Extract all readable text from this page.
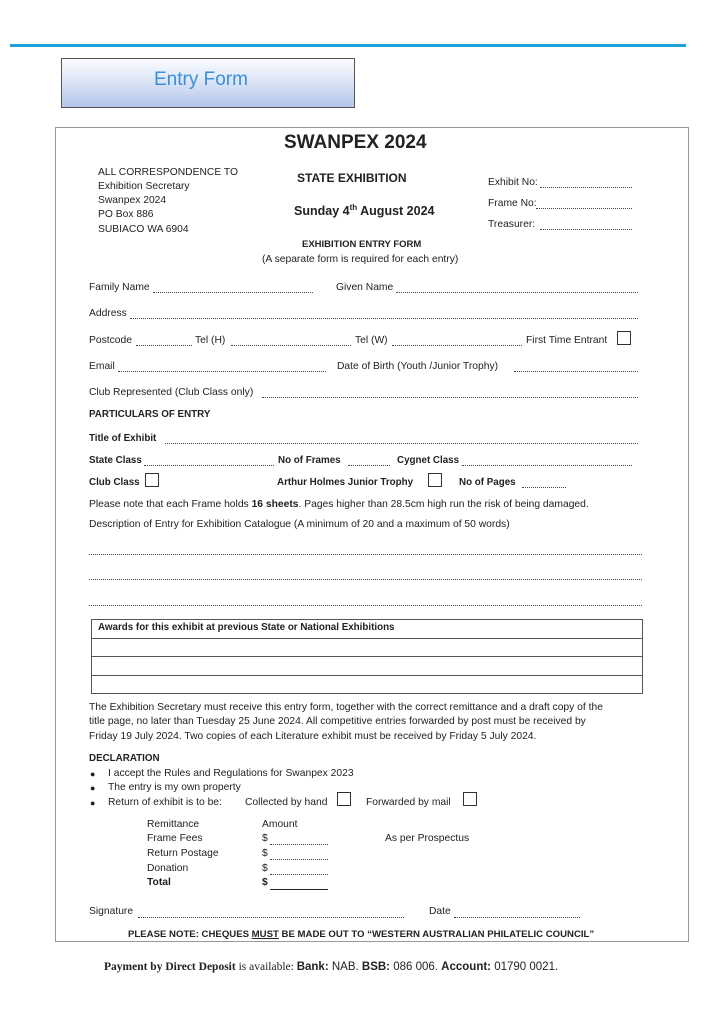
Entry Form
SWANPEX 2024
ALL CORRESPONDENCE TO
Exhibition Secretary
Swanpex 2024
PO Box 886
SUBIACO WA 6904
STATE EXHIBITION
Sunday 4th August 2024
Exhibit No:
Frame No:
Treasurer:
EXHIBITION ENTRY FORM
(A separate form is required for each entry)
Family Name	Given Name
Address
Postcode	Tel (H)	Tel (W)	First Time Entrant
Email	Date of Birth (Youth /Junior Trophy)
Club Represented (Club Class only)
PARTICULARS OF ENTRY
Title of Exhibit
State Class	No of Frames	Cygnet Class
Club Class	Arthur Holmes Junior Trophy	No of Pages
Please note that each Frame holds 16 sheets. Pages higher than 28.5cm high run the risk of being damaged.
Description of Entry for Exhibition Catalogue (A minimum of 20 and a maximum of 50 words)
Awards for this exhibit at previous State or National Exhibitions
The Exhibition Secretary must receive this entry form, together with the correct remittance and a draft copy of the
title page, no later than Tuesday 25 June 2024. All competitive entries forwarded by post must be received by
Friday 19 July 2024. Two copies of each Literature exhibit must be received by Friday 5 July 2024.
DECLARATION
● I accept the Rules and Regulations for Swanpex 2023
● The entry is my own property
● Return of exhibit is to be: Collected by hand	Forwarded by mail
Remittance	Amount
Frame Fees	$	As per Prospectus
Return Postage	$
Donation	$
Total	$
Signature	Date
PLEASE NOTE: CHEQUES MUST BE MADE OUT TO “WESTERN AUSTRALIAN PHILATELIC COUNCIL”
Payment by Direct Deposit is available: Bank: NAB. BSB: 086 006. Account: 01790 0021.
